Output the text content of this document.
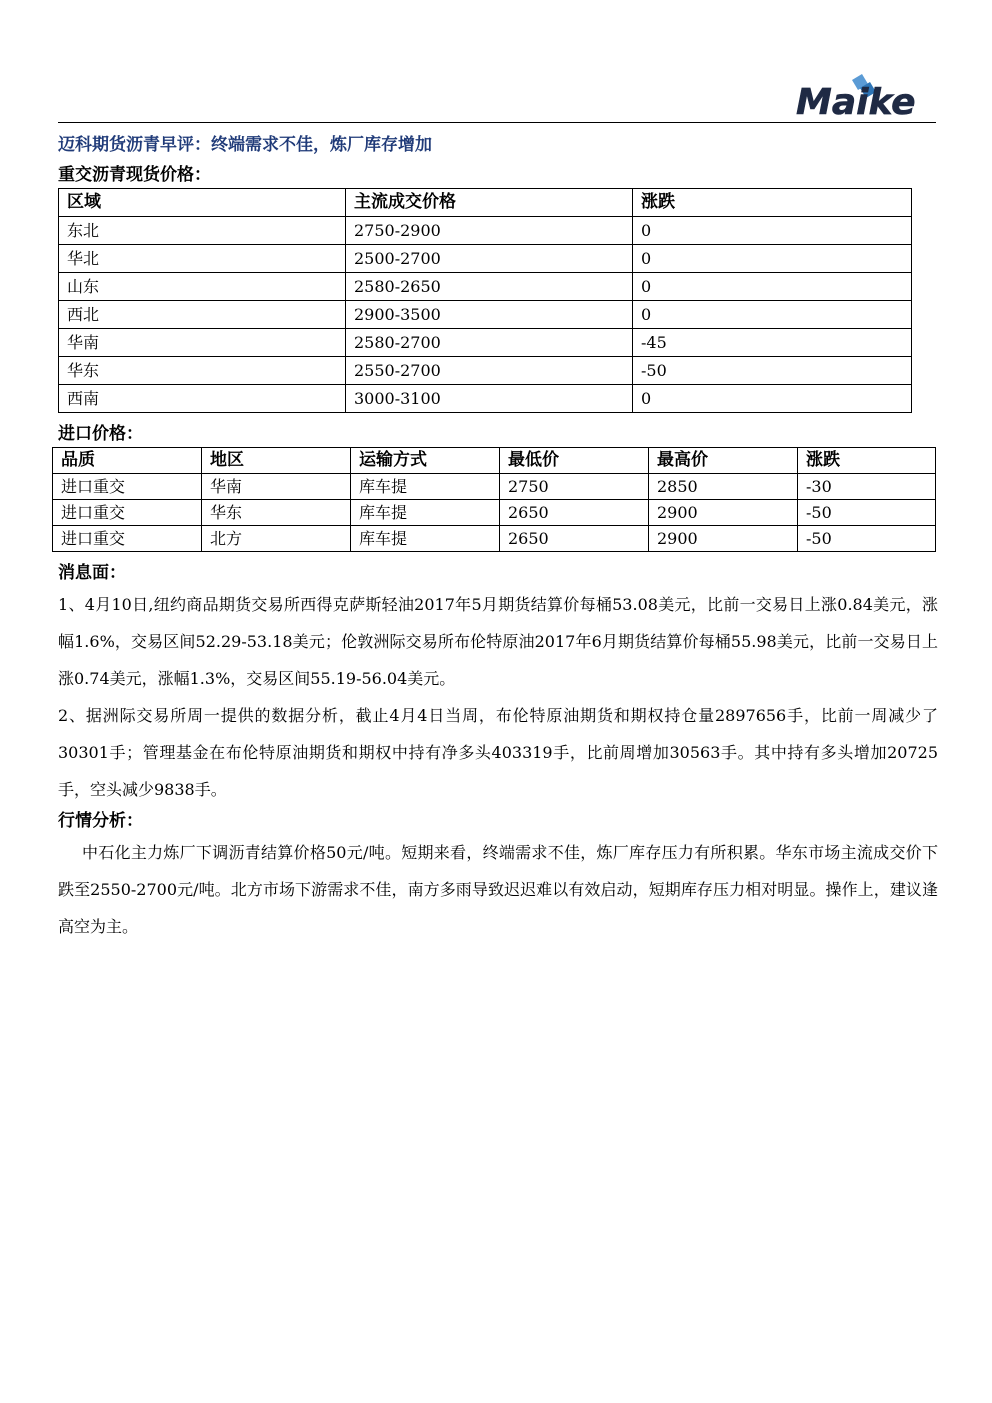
Maike
迈科期货沥青早评：终端需求不佳，炼厂库存增加
重交沥青现货价格：
区域	主流成交价格	涨跌
东北	2750-2900	0
华北	2500-2700	0
山东	2580-2650	0
西北	2900-3500	0
华南	2580-2700	-45
华东	2550-2700	-50
西南	3000-3100	0
进口价格：
品质	地区	运输方式	最低价	最高价	涨跌
进口重交	华南	库车提	2750	2850	-30
进口重交	华东	库车提	2650	2900	-50
进口重交	北方	库车提	2650	2900	-50
消息面：

1、4月10日,纽约商品期货交易所西得克萨斯轻油2017年5月期货结算价每桶53.08美元，比前一交易日上涨0.84美元，涨幅1.6%，交易区间52.29-53.18美元；伦敦洲际交易所布伦特原油2017年6月期货结算价每桶55.98美元，比前一交易日上涨0.74美元，涨幅1.3%，交易区间55.19-56.04美元。

2、据洲际交易所周一提供的数据分析，截止4月4日当周，布伦特原油期货和期权持仓量2897656手，比前一周减少了30301手；管理基金在布伦特原油期货和期权中持有净多头403319手，比前周增加30563手。其中持有多头增加20725手，空头减少9838手。

行情分析：

中石化主力炼厂下调沥青结算价格50元/吨。短期来看，终端需求不佳，炼厂库存压力有所积累。华东市场主流成交价下跌至2550-2700元/吨。北方市场下游需求不佳，南方多雨导致迟迟难以有效启动，短期库存压力相对明显。操作上，建议逢高空为主。
